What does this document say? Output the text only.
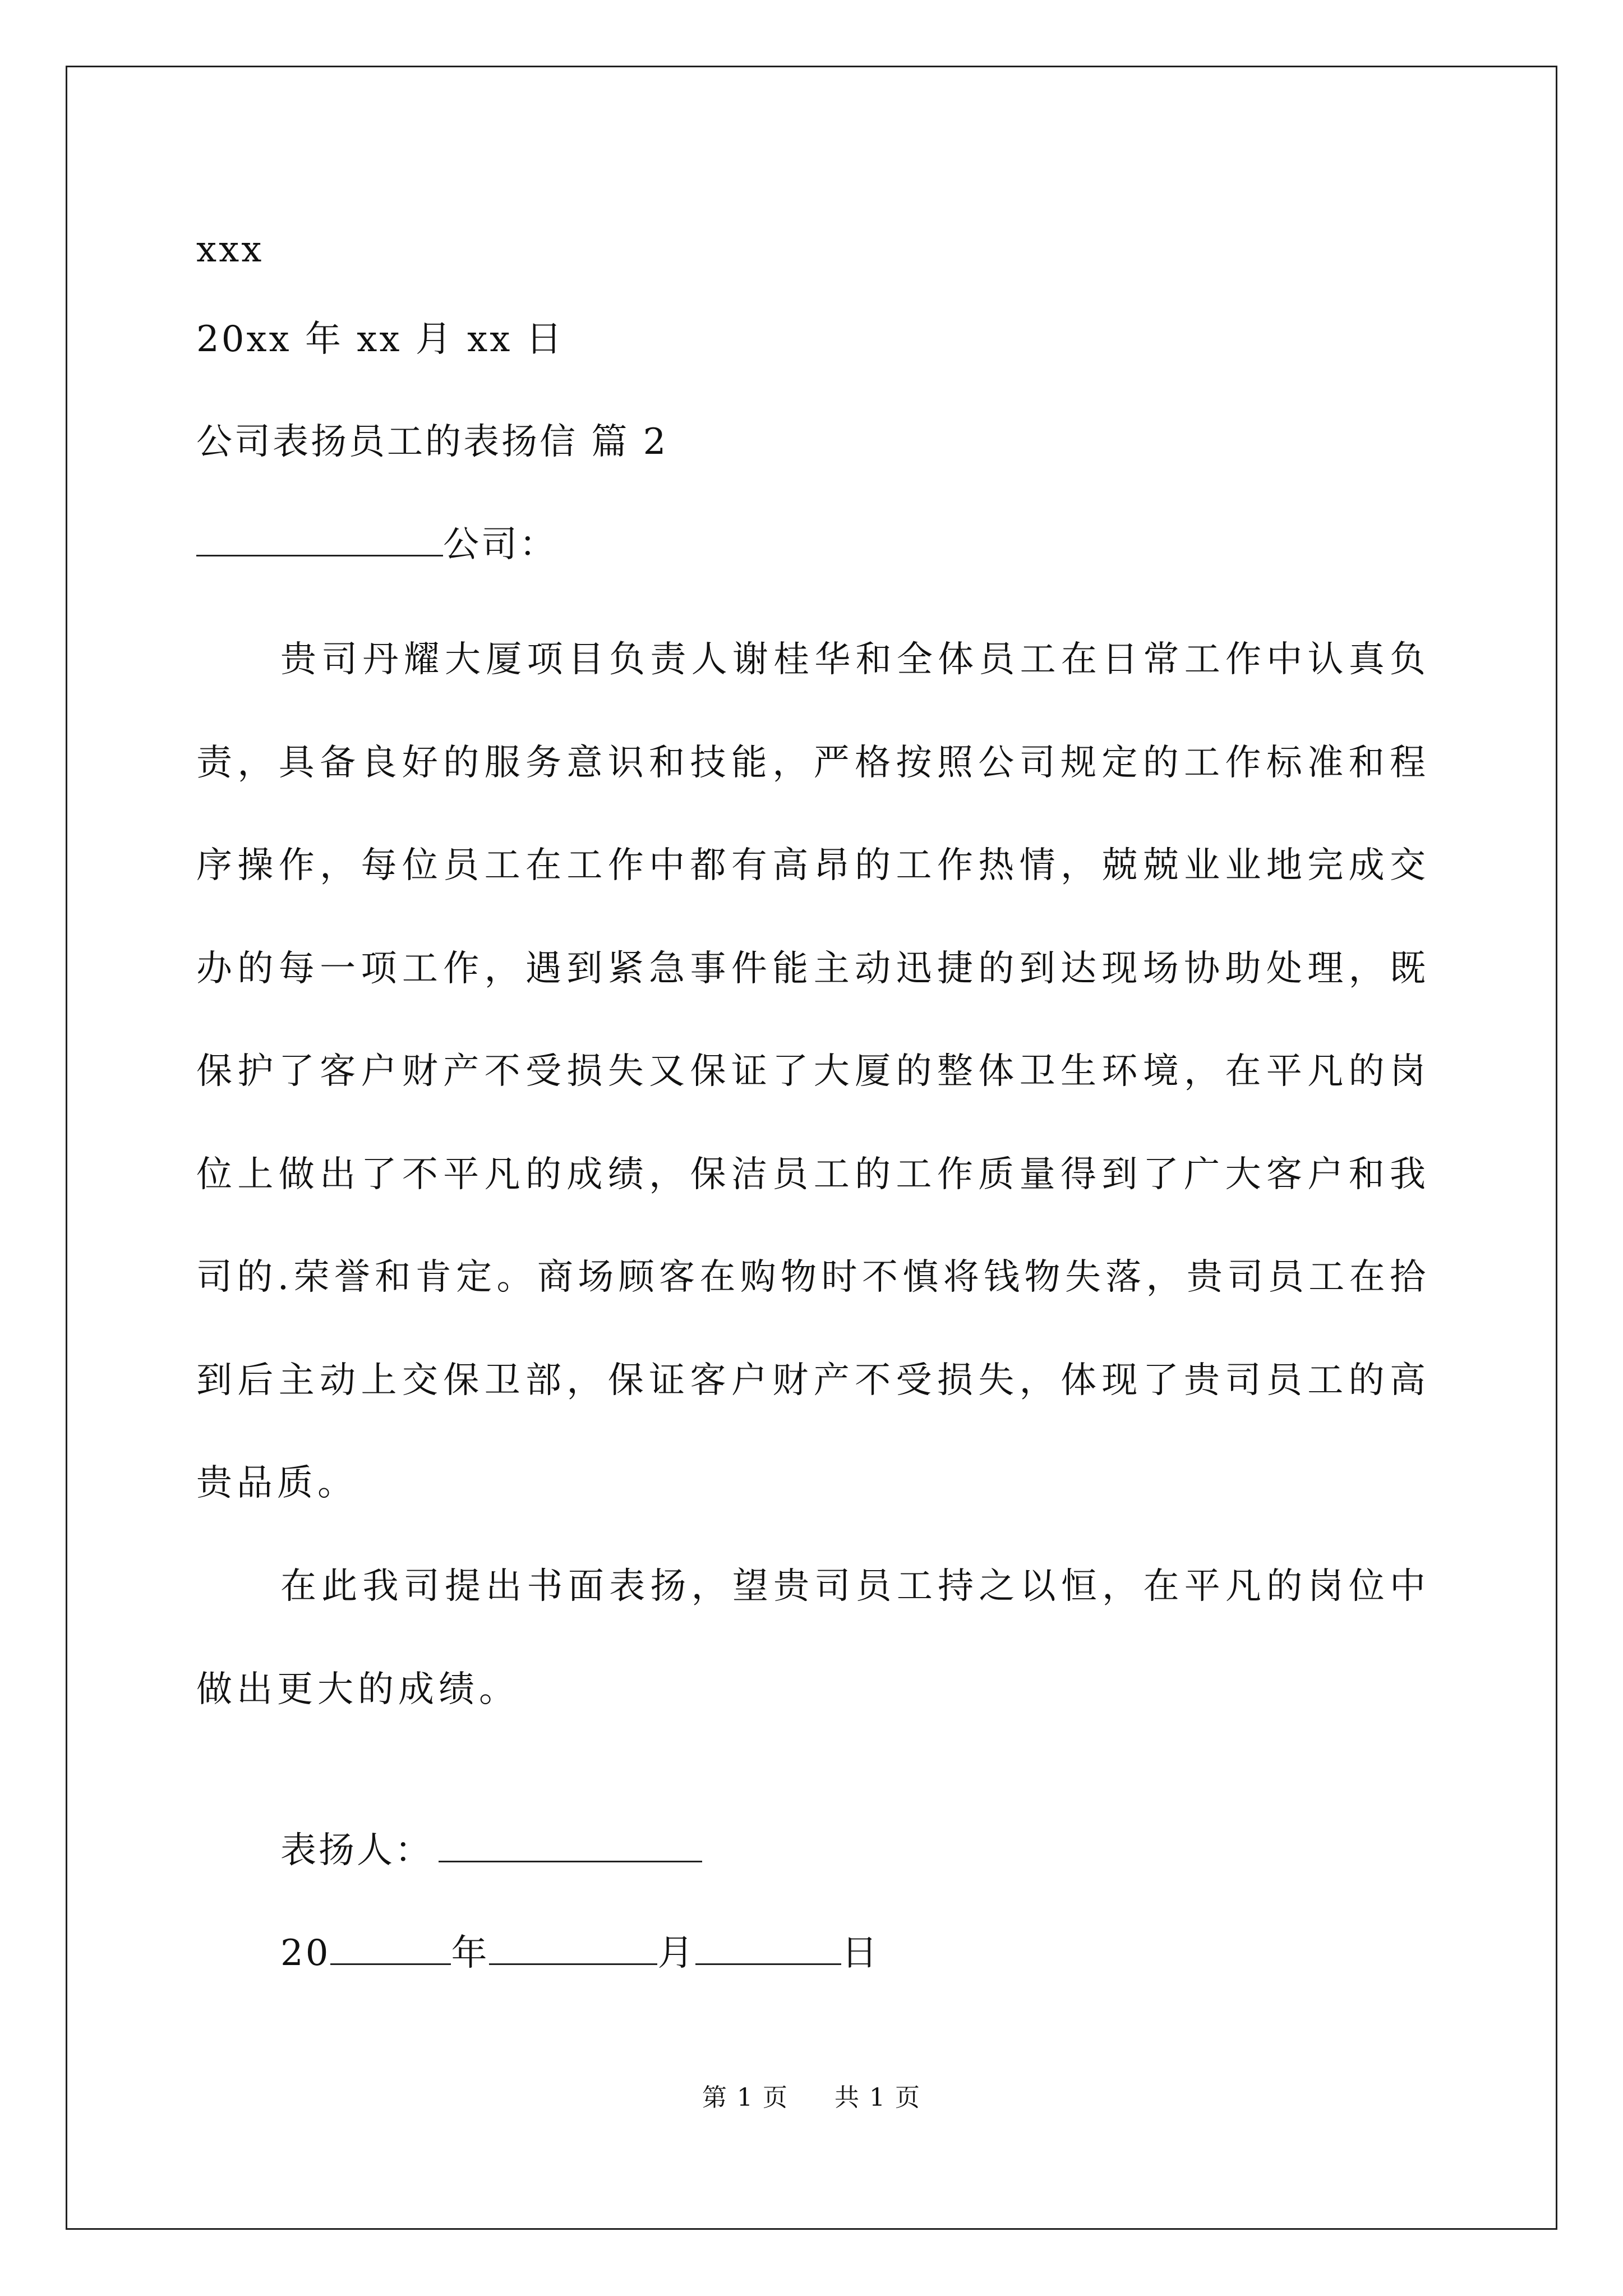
xxx
20xx 年 xx 月 xx 日
公司表扬员工的表扬信 篇 2
公司：
贵司丹耀大厦项目负责人谢桂华和全体员工在日常工作中认真负责，具备良好的服务意识和技能，严格按照公司规定的工作标准和程序操作，每位员工在工作中都有高昂的工作热情，兢兢业业地完成交办的每一项工作，遇到紧急事件能主动迅捷的到达现场协助处理，既保护了客户财产不受损失又保证了大厦的整体卫生环境，在平凡的岗位上做出了不平凡的成绩，保洁员工的工作质量得到了广大客户和我司的.荣誉和肯定。商场顾客在购物时不慎将钱物失落，贵司员工在拾到后主动上交保卫部，保证客户财产不受损失，体现了贵司员工的高贵品质。
在此我司提出书面表扬，望贵司员工持之以恒，在平凡的岗位中做出更大的成绩。
表扬人：
20	年	月	日
第 1 页 共 1 页
